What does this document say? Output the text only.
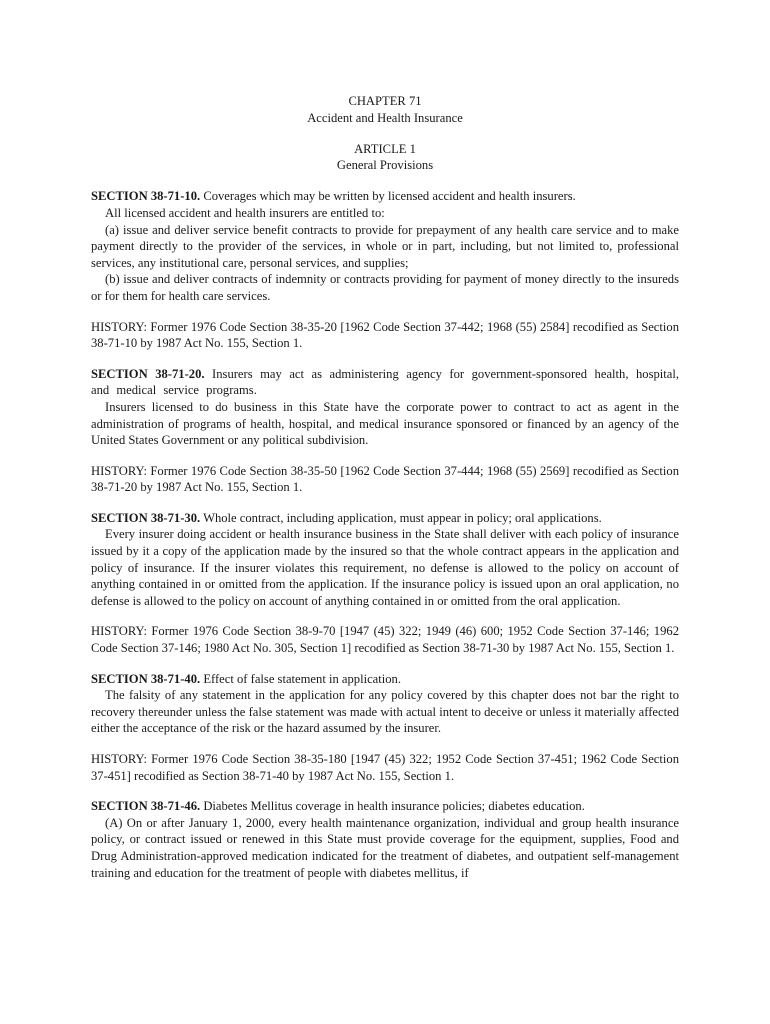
CHAPTER 71

Accident and Health Insurance

ARTICLE 1

General Provisions

SECTION 38-71-10. Coverages which may be written by licensed accident and health insurers.

All licensed accident and health insurers are entitled to:

(a) issue and deliver service benefit contracts to provide for prepayment of any health care service and to make payment directly to the provider of the services, in whole or in part, including, but not limited to, professional services, any institutional care, personal services, and supplies;

(b) issue and deliver contracts of indemnity or contracts providing for payment of money directly to the insureds or for them for health care services.

HISTORY: Former 1976 Code Section 38-35-20 [1962 Code Section 37-442; 1968 (55) 2584] recodified as Section 38-71-10 by 1987 Act No. 155, Section 1.

SECTION 38-71-20. Insurers may act as administering agency for government-sponsored health, hospital, and medical service programs.

Insurers licensed to do business in this State have the corporate power to contract to act as agent in the administration of programs of health, hospital, and medical insurance sponsored or financed by an agency of the United States Government or any political subdivision.

HISTORY: Former 1976 Code Section 38-35-50 [1962 Code Section 37-444; 1968 (55) 2569] recodified as Section 38-71-20 by 1987 Act No. 155, Section 1.

SECTION 38-71-30. Whole contract, including application, must appear in policy; oral applications.

Every insurer doing accident or health insurance business in the State shall deliver with each policy of insurance issued by it a copy of the application made by the insured so that the whole contract appears in the application and policy of insurance. If the insurer violates this requirement, no defense is allowed to the policy on account of anything contained in or omitted from the application. If the insurance policy is issued upon an oral application, no defense is allowed to the policy on account of anything contained in or omitted from the oral application.

HISTORY: Former 1976 Code Section 38-9-70 [1947 (45) 322; 1949 (46) 600; 1952 Code Section 37-146; 1962 Code Section 37-146; 1980 Act No. 305, Section 1] recodified as Section 38-71-30 by 1987 Act No. 155, Section 1.

SECTION 38-71-40. Effect of false statement in application.

The falsity of any statement in the application for any policy covered by this chapter does not bar the right to recovery thereunder unless the false statement was made with actual intent to deceive or unless it materially affected either the acceptance of the risk or the hazard assumed by the insurer.

HISTORY: Former 1976 Code Section 38-35-180 [1947 (45) 322; 1952 Code Section 37-451; 1962 Code Section 37-451] recodified as Section 38-71-40 by 1987 Act No. 155, Section 1.

SECTION 38-71-46. Diabetes Mellitus coverage in health insurance policies; diabetes education.

(A) On or after January 1, 2000, every health maintenance organization, individual and group health insurance policy, or contract issued or renewed in this State must provide coverage for the equipment, supplies, Food and Drug Administration-approved medication indicated for the treatment of diabetes, and outpatient self-management training and education for the treatment of people with diabetes mellitus, if
